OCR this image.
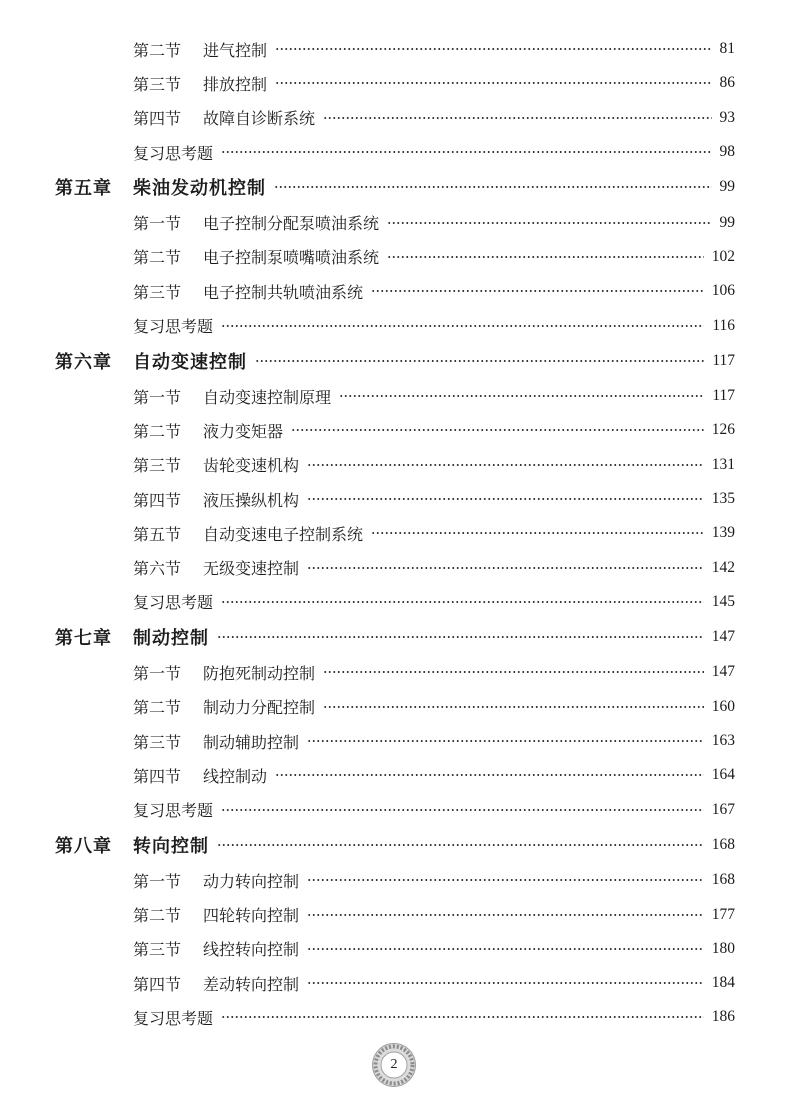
第二节	进气控制	81
第三节	排放控制	86
第四节	故障自诊断系统	93
复习思考题	98
第五章	柴油发动机控制	99
第一节	电子控制分配泵喷油系统	99
第二节	电子控制泵喷嘴喷油系统	102
第三节	电子控制共轨喷油系统	106
复习思考题	116
第六章	自动变速控制	117
第一节	自动变速控制原理	117
第二节	液力变矩器	126
第三节	齿轮变速机构	131
第四节	液压操纵机构	135
第五节	自动变速电子控制系统	139
第六节	无级变速控制	142
复习思考题	145
第七章	制动控制	147
第一节	防抱死制动控制	147
第二节	制动力分配控制	160
第三节	制动辅助控制	163
第四节	线控制动	164
复习思考题	167
第八章	转向控制	168
第一节	动力转向控制	168
第二节	四轮转向控制	177
第三节	线控转向控制	180
第四节	差动转向控制	184
复习思考题	186
2
